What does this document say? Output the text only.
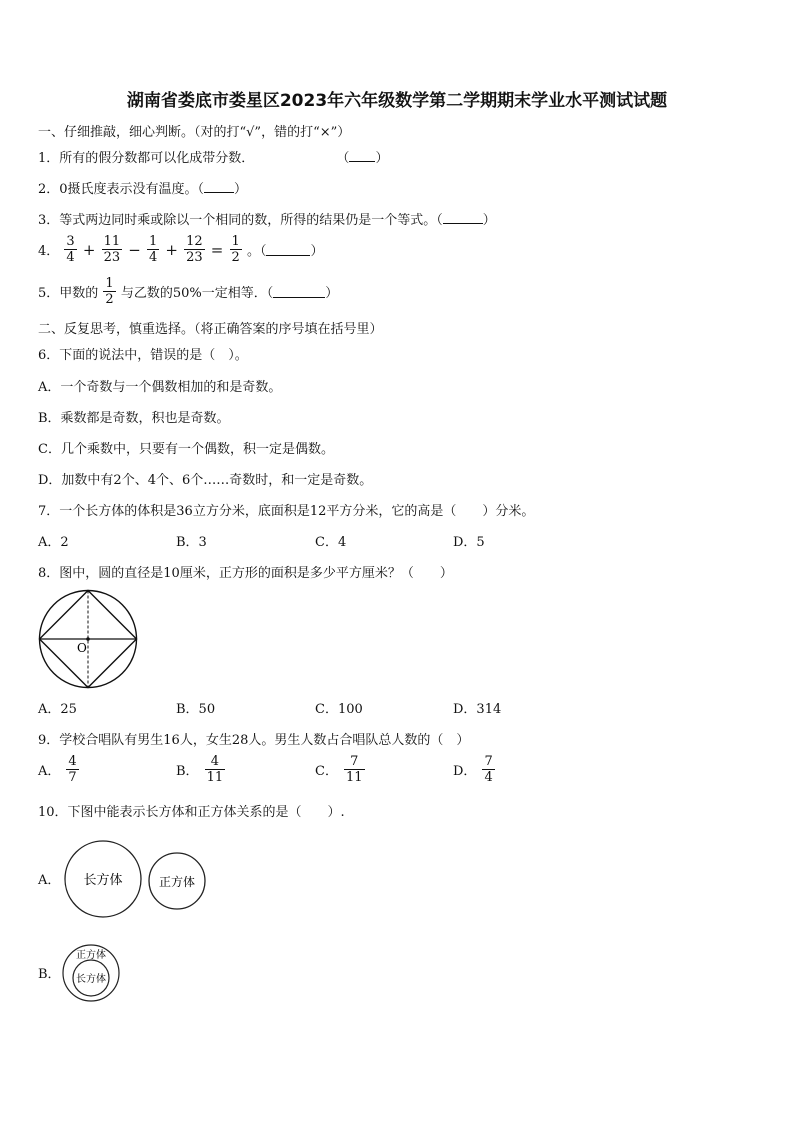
湖南省娄底市娄星区2023年六年级数学第二学期期末学业水平测试试题
一、仔细推敲，细心判断。（对的打“√”，错的打“×”）
1．所有的假分数都可以化成带分数．	（ ）
2．0摄氏度表示没有温度。（ ）
3．等式两边同时乘或除以一个相同的数，所得的结果仍是一个等式。（	）
4． $\frac{3}{4} + \frac{11}{23} - \frac{1}{4} + \frac{12}{23} = \frac{1}{2}$ 。（	）
5．甲数的 $\frac{1}{2}$ 与乙数的50%一定相等．（	）
二、反复思考，慎重选择。（将正确答案的序号填在括号里）
6．下面的说法中，错误的是（　）。
A．一个奇数与一个偶数相加的和是奇数。
B．乘数都是奇数，积也是奇数。
C．几个乘数中，只要有一个偶数，积一定是偶数。
D．加数中有2个、4个、6个……奇数时，和一定是奇数。
7．一个长方体的体积是36立方分米，底面积是12平方分米，它的高是（　　）分米。
A．2	B．3	C．4	D．5
8．图中，圆的直径是10厘米，正方形的面积是多少平方厘米？（　　）
O
A．25	B．50	C．100	D．314
9．学校合唱队有男生16人，女生28人。男生人数占合唱队总人数的（　）
A． $\frac{4}{7}$	B． $\frac{4}{11}$	C． $\frac{7}{11}$	D． $\frac{7}{4}$
10．下图中能表示长方体和正方体关系的是（　　）.
A． 长方体	正方体
B．
正方体
长方体
